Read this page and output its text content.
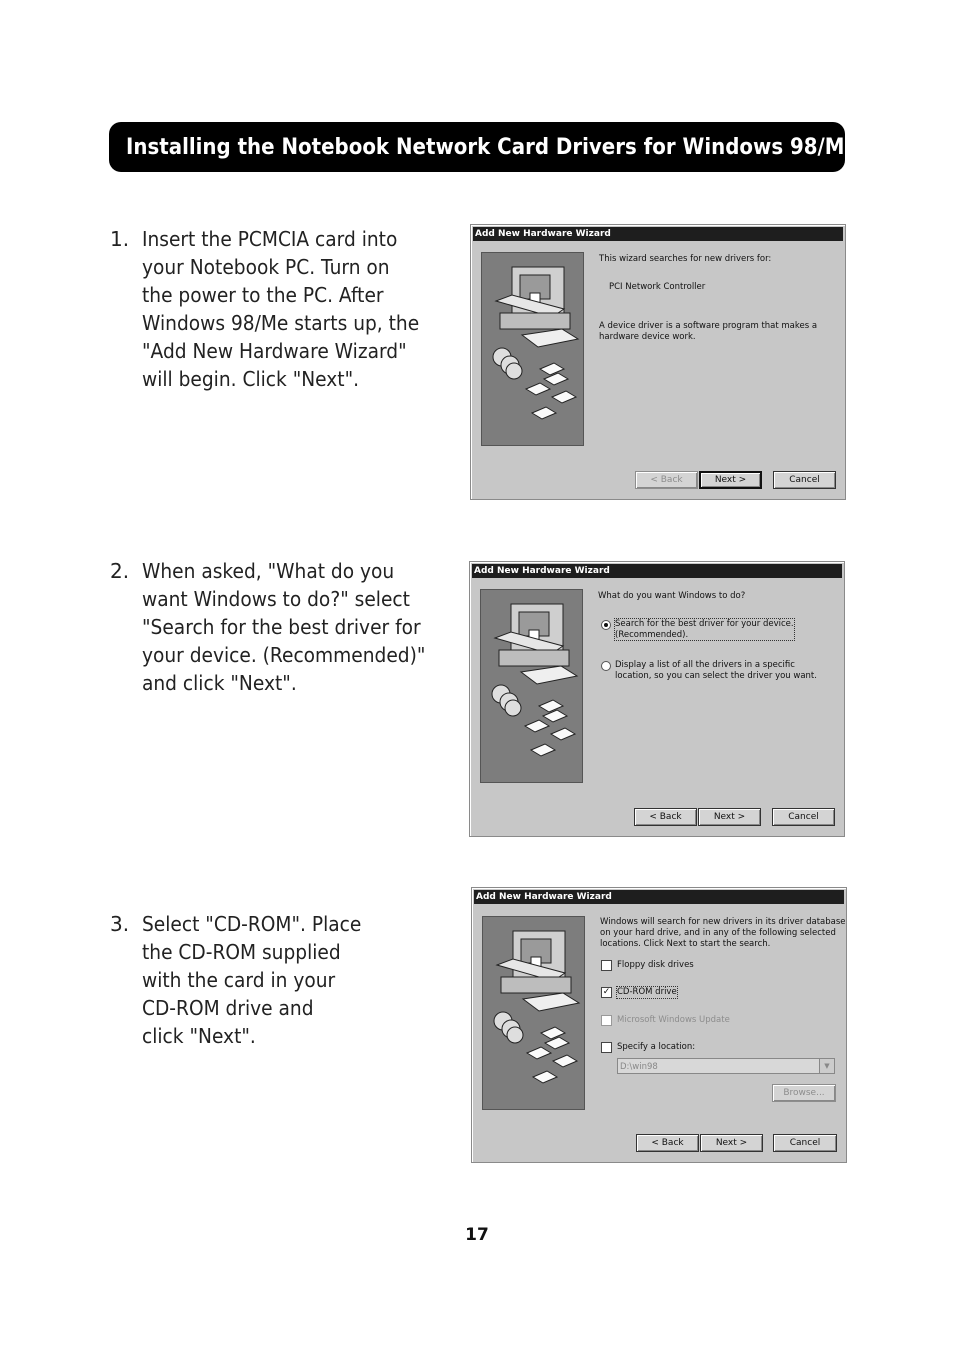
Installing the Notebook Network Card Drivers for Windows 98/Me
1. Insert the PCMCIA card into
your Notebook PC. Turn on
the power to the PC. After
Windows 98/Me starts up, the
"Add New Hardware Wizard"
will begin. Click "Next".
2. When asked, "What do you
want Windows to do?" select
"Search for the best driver for
your device. (Recommended)"
and click "Next".
3. Select "CD-ROM". Place
the CD-ROM supplied
with the card in your
CD-ROM drive and
click "Next".
Add New Hardware Wizard
This wizard searches for new drivers for:
PCI Network Controller
A device driver is a software program that makes a
hardware device work.
< Back	Next >	Cancel
Add New Hardware Wizard
What do you want Windows to do?
Search for the best driver for your device.
(Recommended).
Display a list of all the drivers in a specific
location, so you can select the driver you want.
< Back	Next >	Cancel
Add New Hardware Wizard
Windows will search for new drivers in its driver database
on your hard drive, and in any of the following selected
locations. Click Next to start the search.
Floppy disk drives
✓ CD-ROM drive
Microsoft Windows Update
Specify a location:
D:\win98	▼
Browse...
< Back	Next >	Cancel
17
